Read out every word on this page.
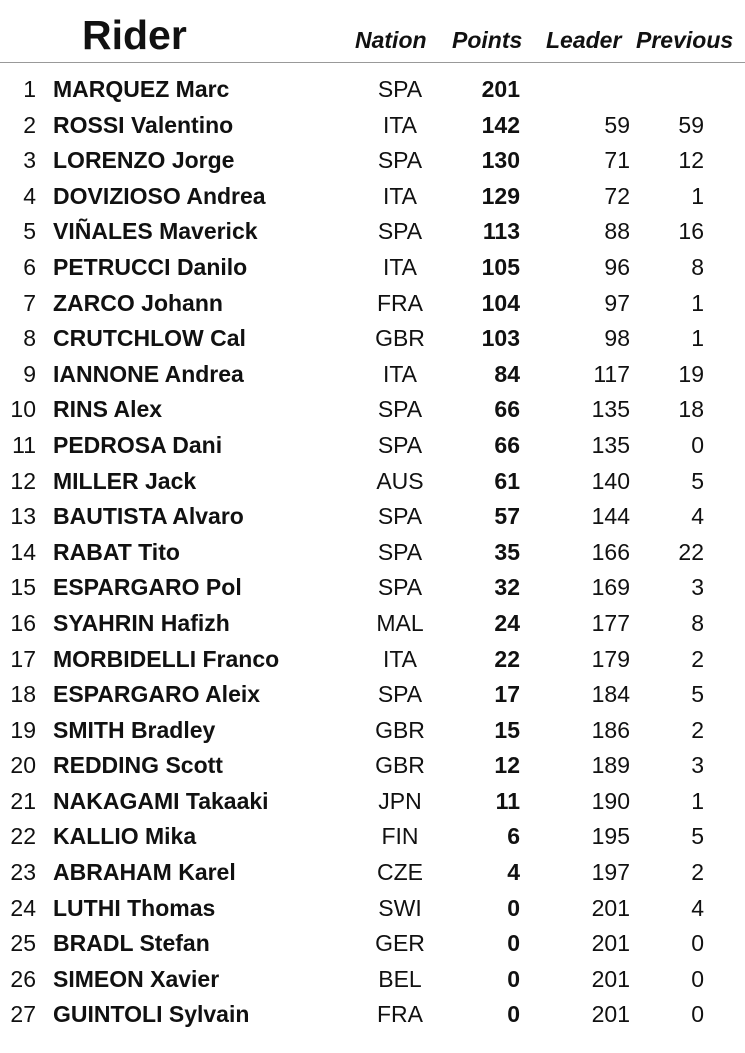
Rider	Nation Points Leader Previous
1 MARQUEZ Marc	SPA	201
2 ROSSI Valentino	ITA	142	59	59
3 LORENZO Jorge	SPA	130	71	12
4 DOVIZIOSO Andrea	ITA	129	72	1
5 VIÑALES Maverick	SPA	113	88	16
6 PETRUCCI Danilo	ITA	105	96	8
7 ZARCO Johann	FRA	104	97	1
8 CRUTCHLOW Cal	GBR	103	98	1
9 IANNONE Andrea	ITA	84	117	19
10 RINS Alex	SPA	66	135	18
11 PEDROSA Dani	SPA	66	135	0
12 MILLER Jack	AUS	61	140	5
13 BAUTISTA Alvaro	SPA	57	144	4
14 RABAT Tito	SPA	35	166	22
15 ESPARGARO Pol	SPA	32	169	3
16 SYAHRIN Hafizh	MAL	24	177	8
17 MORBIDELLI Franco	ITA	22	179	2
18 ESPARGARO Aleix	SPA	17	184	5
19 SMITH Bradley	GBR	15	186	2
20 REDDING Scott	GBR	12	189	3
21 NAKAGAMI Takaaki	JPN	11	190	1
22 KALLIO Mika	FIN	6	195	5
23 ABRAHAM Karel	CZE	4	197	2
24 LUTHI Thomas	SWI	0	201	4
25 BRADL Stefan	GER	0	201	0
26 SIMEON Xavier	BEL	0	201	0
27 GUINTOLI Sylvain	FRA	0	201	0
